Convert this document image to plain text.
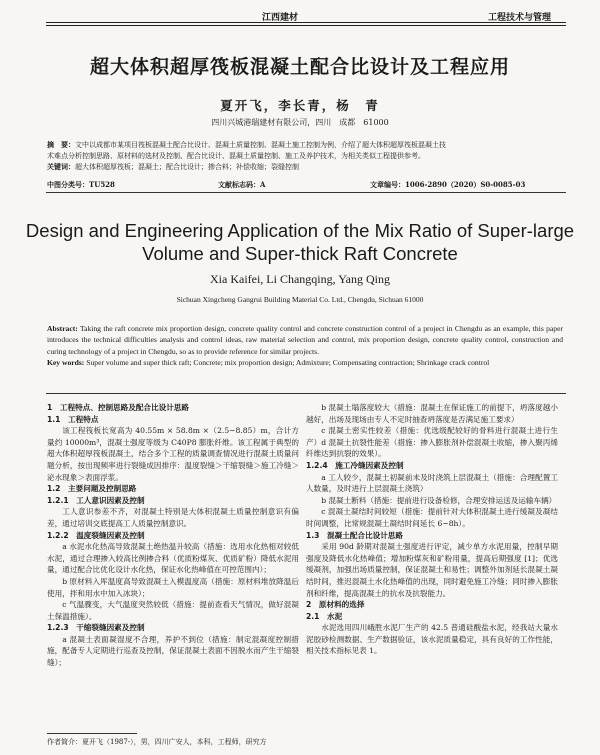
江西建材	工程技术与管理
超大体积超厚筏板混凝土配合比设计及工程应用
夏开飞，李长青，杨　青
四川兴城港瑞建材有限公司，四川　成都　61000
摘　要：文中以成都市某项目筏板混凝土配合比设计、混凝土质量控制、混凝土施工控制为例，介绍了超大体积超厚筏板混凝土技
术难点分析控制思路、原材料的选材及控制、配合比设计、混凝土质量控制、施工及养护技术，为相关类似工程提供参考。
关键词：超大体积超厚筏板；混凝土；配合比设计；掺合料；补偿收缩；裂缝控制
中图分类号：TU528	文献标志码：A	文章编号：1006-2890（2020）S0-0085-03
Design and Engineering Application of the Mix Ratio of Super-large
Volume and Super-thick Raft Concrete
Xia Kaifei, Li Changqing, Yang Qing
Sichuan Xingcheng Gangrui Building Material Co. Ltd., Chengdu, Sichuan 61000
Abstract: Taking the raft concrete mix proportion design, concrete quality control and concrete construction control of a project in Chengdu as an example, this paper introduces the technical difficulties analysis and control ideas, raw material selection and control, mix proportion design, concrete quality control, construction and curing technology of a project in Chengdu, so as to provide reference for similar projects.
Key words: Super volume and super thick raft; Concrete; mix proportion design; Admixture; Compensating contraction; Shrinkage crack control

1　工程特点、控制思路及配合比设计思路

1.1　工程特点

该工程筏板长宽高为 40.55m × 58.8m ×（2.5~8.85）m，合计方量约 10000m³，混凝土强度等级为 C40P8 膨胀纤维。该工程属于典型的超大体积超厚筏板混凝土，结合多个工程的质量调查情况进行混凝土质量问题分析，按出现频率进行裂缝成因排序：温度裂缝＞干缩裂缝＞施工冷缝＞泌水现象＞表面浮浆。

1.2　主要问题及控制思路

1.2.1　工人意识因素及控制

工人意识参差不齐，对混凝土特别是大体积混凝土质量控制意识有偏差，通过培训交底提高工人质量控制意识。

1.2.2　温度裂缝因素及控制

a 水泥水化热高导致混凝土绝热温升较高（措施：选用水化热相对较低水泥，通过合理掺入较高比例掺合料（优质粉煤灰、优质矿粉）降低水泥用量，通过配合比优化设计水化热，保证水化热峰值在可控范围内）；

b 原材料入厍温度高导致混凝土入模温度高（措施：原材料堆放降温后使用，拌和用水中加入冰块）；

c 气温骤变，大气温度突然较低（措施：提前查看天气情况，做好混凝土保温措施）。

1.2.3　干缩裂缝因素及控制

a 混凝土表面凝湿度不合理，养护不到位（措施：制定混凝度控制措施，配备专人定期进行巡查及控制，保证混凝土表面不因脱水而产生干缩裂缝）；

b 混凝土塌落度较大（措施：混凝土在保证施工的前提下，坍落度越小越好，出场及现场由专人不定时抽查坍落度是否满足施工要求）

c 混凝土密实性较差（措施：优选级配较好的骨料进行混凝土进行生产）d 混凝土抗裂性能差（措施：掺入膨胀剂补偿混凝土收缩，掺入聚丙烯纤维达到抗裂的效果）。

1.2.4　施工冷缝因素及控制

a 工人较少，混凝土初凝前未及时浇筑上层混凝土（措施：合理配置工人数量，及时进行上层混凝土浇筑）

b 混凝土断料（措施：提前进行设备检修，合理安排运送及运输车辆）

c 混凝土凝结时间较短（措施：提前针对大体积混凝土进行缓凝及凝结时间调整，比常规混凝土凝结时间延长 6~8h）。

1.3　混凝土配合比设计思路

采用 90d 龄期对混凝土强度进行评定，减少单方水泥用量，控制早期强度及降低水化热峰值；增加粉煤灰和矿粉用量，提高后期强度 [1]；优选缓凝剂，加强出场质量控制，保证混凝土和易性；调整外加剂延长混凝土凝结时间，推迟混凝土水化热峰值的出现，同时避免施工冷缝；同时掺入膨胀剂和纤维，提高混凝土的抗水及抗裂能力。

2　原材料的选择

2.1　水泥

水泥选用四川峨胜水泥厂生产的 42.5 普通硅酸盐水泥，经我站大量水泥胶砂检测数据、生产数据验证，该水泥质量稳定，具有良好的工作性能，相关技术指标见表 1。

作者简介：夏开飞（1987-），男，四川广安人，本科，工程师，研究方
